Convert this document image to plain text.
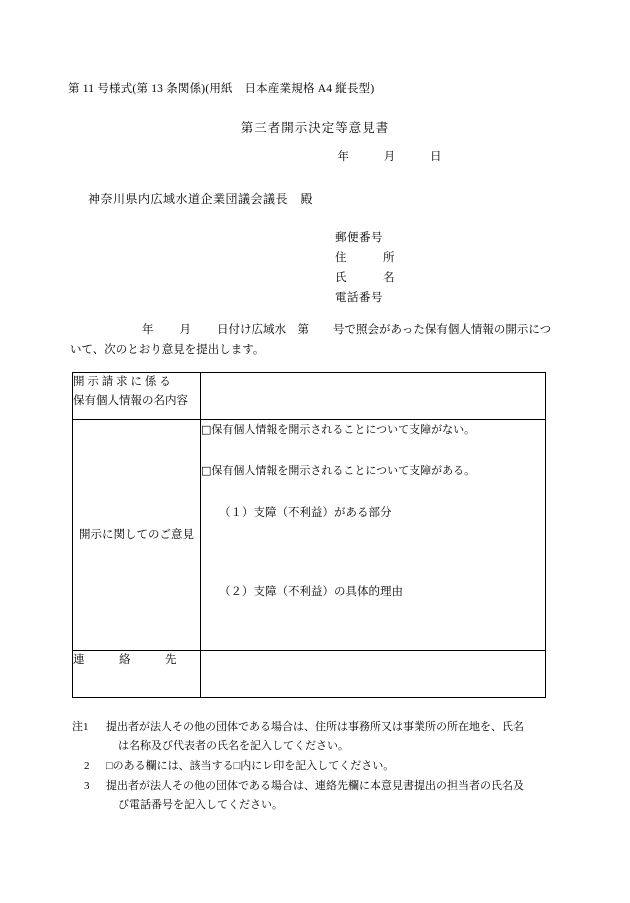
第 11 号様式(第 13 条関係)(用紙　日本産業規格 A4 縦長型)
第三者開示決定等意見書
年	月	日
神奈川県内広域水道企業団議会議長　殿
郵便番号
住　　　所
氏　　　名
電話番号
年 月 日付け広域水　第 号で照会があった保有個人情報の開示につ
いて、次のとおり意見を提出します。
開 示 請 求 に 係 る
保有個人情報の名内容	

開示に関してのご意見	□保有個人情報を開示されることについて支障がない。
□保有個人情報を開示されることについて支障がある。
（１）支障（不利益）がある部分
（２）支障（不利益）の具体的理由

連　　　絡　　　先	

注1 提出者が法人その他の団体である場合は、住所は事務所又は事業所の所在地を、氏名
は名称及び代表者の氏名を記入してください。
2 □のある欄には、該当する□内にレ印を記入してください。
3 提出者が法人その他の団体である場合は、連絡先欄に本意見書提出の担当者の氏名及
び電話番号を記入してください。
